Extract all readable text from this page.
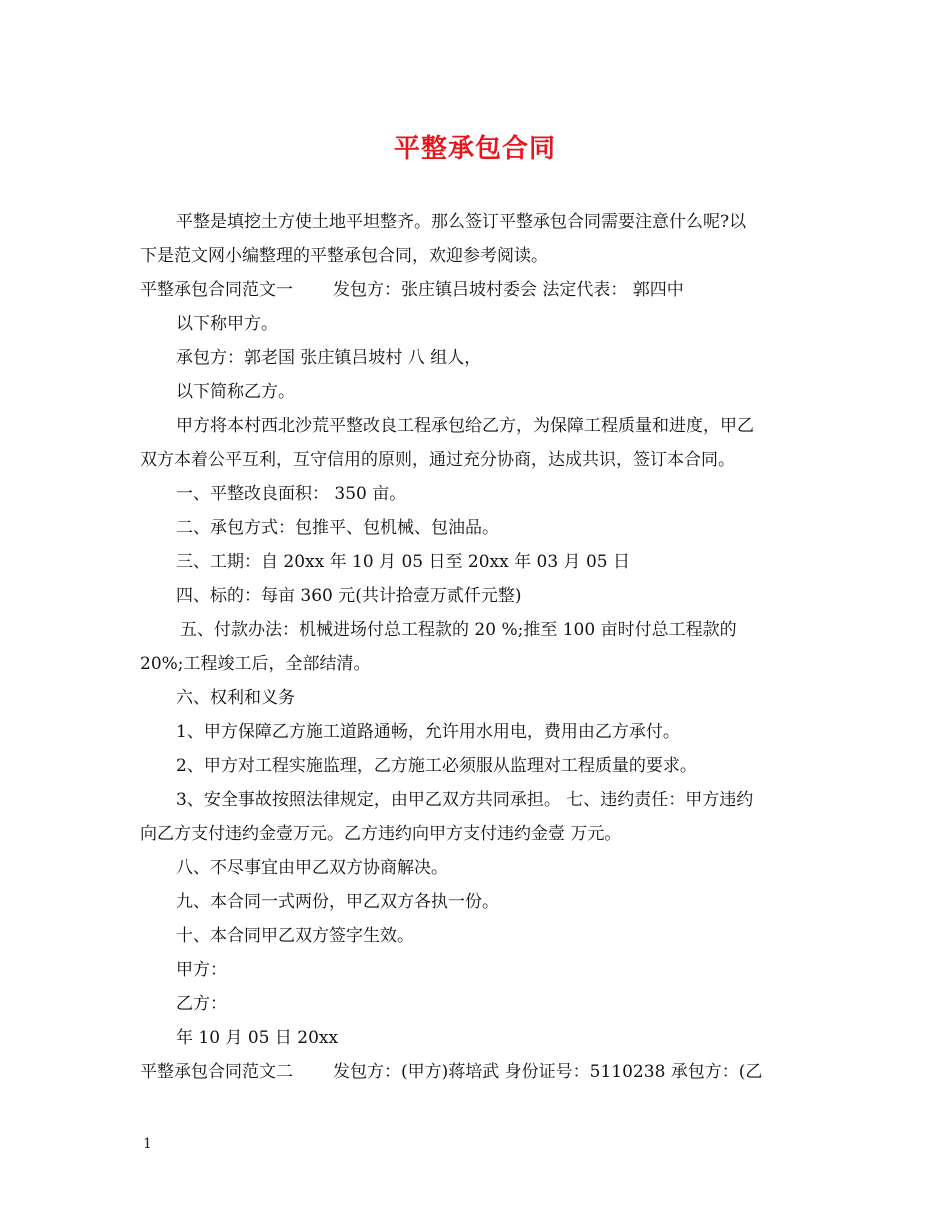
平整承包合同
平整是填挖土方使土地平坦整齐。那么签订平整承包合同需要注意什么呢?以
下是范文网小编整理的平整承包合同，欢迎参考阅读。
平整承包合同范文一 发包方：张庄镇吕坡村委会 法定代表： 郭四中
以下称甲方。
承包方：郭老国 张庄镇吕坡村 八 组人，
以下简称乙方。
甲方将本村西北沙荒平整改良工程承包给乙方，为保障工程质量和进度，甲乙
双方本着公平互利，互守信用的原则，通过充分协商，达成共识，签订本合同。
一、平整改良面积： 350 亩。
二、承包方式：包推平、包机械、包油品。
三、工期：自 20xx 年 10 月 05 日至 20xx 年 03 月 05 日
四、标的：每亩 360 元(共计拾壹万贰仟元整)
五、付款办法：机械进场付总工程款的 20 %;推至 100 亩时付总工程款的
20%;工程竣工后，全部结清。
六、权利和义务
1、甲方保障乙方施工道路通畅，允许用水用电，费用由乙方承付。
2、甲方对工程实施监理，乙方施工必须服从监理对工程质量的要求。
3、安全事故按照法律规定，由甲乙双方共同承担。 七、违约责任：甲方违约
向乙方支付违约金壹万元。乙方违约向甲方支付违约金壹 万元。
八、不尽事宜由甲乙双方协商解决。
九、本合同一式两份，甲乙双方各执一份。
十、本合同甲乙双方签字生效。
甲方：
乙方：
年 10 月 05 日 20xx
平整承包合同范文二 发包方：(甲方)蒋培武 身份证号：5110238 承包方：(乙
1
